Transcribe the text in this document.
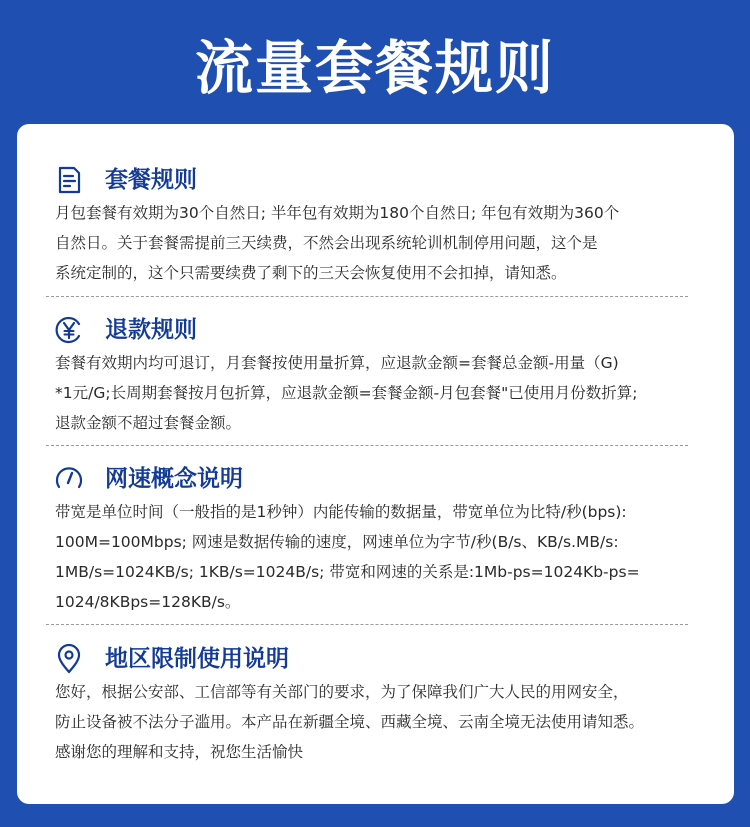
流量套餐规则
套餐规则
月包套餐有效期为30个自然日; 半年包有效期为180个自然日; 年包有效期为360个
自然日。关于套餐需提前三天续费，不然会出现系统轮训机制停用问题，这个是
系统定制的，这个只需要续费了剩下的三天会恢复使用不会扣掉，请知悉。
退款规则
套餐有效期内均可退订，月套餐按使用量折算，应退款金额=套餐总金额-用量（G)
*1元/G;长周期套餐按月包折算，应退款金额=套餐金额-月包套餐"已使用月份数折算;
退款金额不超过套餐金额。
网速概念说明
带宽是单位时间（一般指的是1秒钟）内能传输的数据量，带宽单位为比特/秒(bps):
100M=100Mbps; 网速是数据传输的速度，网速单位为字节/秒(B/s、KB/s.MB/s:
1MB/s=1024KB/s; 1KB/s=1024B/s; 带宽和网速的关系是:1Mb-ps=1024Kb-ps=
1024/8KBps=128KB/s。
地区限制使用说明
您好，根据公安部、工信部等有关部门的要求，为了保障我们广大人民的用网安全，
防止设备被不法分子滥用。本产品在新疆全境、西藏全境、云南全境无法使用请知悉。
感谢您的理解和支持，祝您生活愉快
